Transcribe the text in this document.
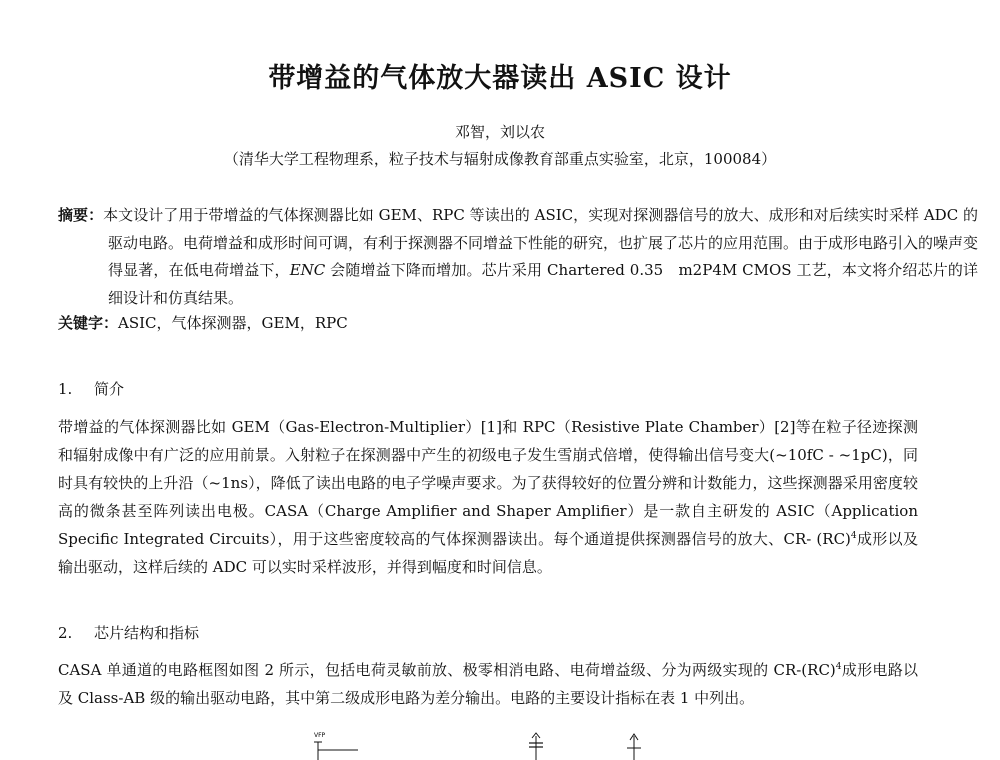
带增益的气体放大器读出 ASIC 设计
邓智，刘以农
（清华大学工程物理系，粒子技术与辐射成像教育部重点实验室，北京，100084）
摘要：本文设计了用于带增益的气体探测器比如 GEM、RPC 等读出的 ASIC，实现对探测器信号的放大、成形和对后续实时采样 ADC 的驱动电路。电荷增益和成形时间可调，有利于探测器不同增益下性能的研究，也扩展了芯片的应用范围。由于成形电路引入的噪声变得显著，在低电荷增益下，ENC 会随增益下降而增加。芯片采用 Chartered 0.35　m2P4M CMOS 工艺，本文将介绍芯片的详细设计和仿真结果。
关键字：ASIC，气体探测器，GEM，RPC
1. 简介

带增益的气体探测器比如 GEM（Gas-Electron-Multiplier）[1]和 RPC（Resistive Plate Chamber）[2]等在粒子径迹探测和辐射成像中有广泛的应用前景。入射粒子在探测器中产生的初级电子发生雪崩式倍增，使得输出信号变大(~10fC - ~1pC)，同时具有较快的上升沿（~1ns），降低了读出电路的电子学噪声要求。为了获得较好的位置分辨和计数能力，这些探测器采用密度较高的微条甚至阵列读出电极。CASA（Charge Amplifier and Shaper Amplifier）是一款自主研发的 ASIC（Application Specific Integrated Circuits），用于这些密度较高的气体探测器读出。每个通道提供探测器信号的放大、CR- (RC)$^4$成形以及输出驱动，这样后续的 ADC 可以实时采样波形，并得到幅度和时间信息。

2. 芯片结构和指标

CASA 单通道的电路框图如图 2 所示，包括电荷灵敏前放、极零相消电路、电荷增益级、分为两级实现的 CR-(RC)$^4$成形电路以及 Class-AB 级的输出驱动电路，其中第二级成形电路为差分输出。电路的主要设计指标在表 1 中列出。

VFP
